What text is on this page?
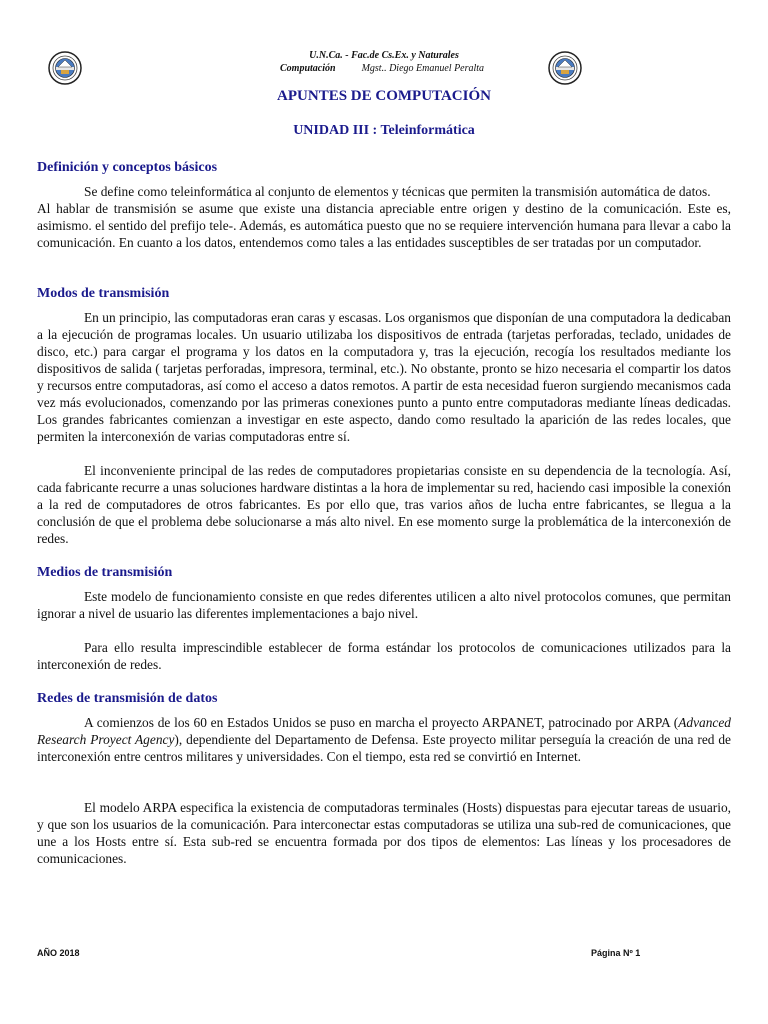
U.N.Ca. - Fac.de Cs.Ex. y Naturales
Computación	Mgst.. Diego Emanuel Peralta
APUNTES DE COMPUTACIÓN
UNIDAD III : Teleinformática
Definición y conceptos básicos

Se define como teleinformática al conjunto de elementos y técnicas que permiten la transmisión automática de datos.

Al hablar de transmisión se asume que existe una distancia apreciable entre origen y destino de la comunicación. Este es, asimismo. el sentido del prefijo tele-. Además, es automática puesto que no se requiere intervención humana para llevar a cabo la comunicación. En cuanto a los datos, entendemos como tales a las entidades susceptibles de ser tratadas por un computador.

Modos de transmisión

En un principio, las computadoras eran caras y escasas. Los organismos que disponían de una computadora la dedicaban a la ejecución de programas locales. Un usuario utilizaba los dispositivos de entrada (tarjetas perforadas, teclado, unidades de disco, etc.) para cargar el programa y los datos en la computadora y, tras la ejecución, recogía los resultados mediante los dispositivos de salida ( tarjetas perforadas, impresora, terminal, etc.). No obstante, pronto se hizo necesaria el compartir los datos y recursos entre computadoras, así como el acceso a datos remotos. A partir de esta necesidad fueron surgiendo mecanismos cada vez más evolucionados, comenzando por las primeras conexiones punto a punto entre computadoras mediante líneas dedicadas. Los grandes fabricantes comienzan a investigar en este aspecto, dando como resultado la aparición de las redes locales, que permiten la interconexión de varias computadoras entre sí.

El inconveniente principal de las redes de computadores propietarias consiste en su dependencia de la tecnología. Así, cada fabricante recurre a unas soluciones hardware distintas a la hora de implementar su red, haciendo casi imposible la conexión a la red de computadores de otros fabricantes. Es por ello que, tras varios años de lucha entre fabricantes, se llegua a la conclusión de que el problema debe solucionarse a más alto nivel. En ese momento surge la problemática de la interconexión de redes.

Medios de transmisión

Este modelo de funcionamiento consiste en que redes diferentes utilicen a alto nivel protocolos comunes, que permitan ignorar a nivel de usuario las diferentes implementaciones a bajo nivel.

Para ello resulta imprescindible establecer de forma estándar los protocolos de comunicaciones utilizados para la interconexión de redes.

Redes de transmisión de datos

A comienzos de los 60 en Estados Unidos se puso en marcha el proyecto ARPANET, patrocinado por ARPA (Advanced Research Proyect Agency), dependiente del Departamento de Defensa. Este proyecto militar perseguía la creación de una red de interconexión entre centros militares y universidades. Con el tiempo, esta red se convirtió en Internet.

El modelo ARPA especifica la existencia de computadoras terminales (Hosts) dispuestas para ejecutar tareas de usuario, y que son los usuarios de la comunicación. Para interconectar estas computadoras se utiliza una sub-red de comunicaciones, que une a los Hosts entre sí. Esta sub-red se encuentra formada por dos tipos de elementos: Las líneas y los procesadores de comunicaciones.

AÑO 2018	Página Nº 1
